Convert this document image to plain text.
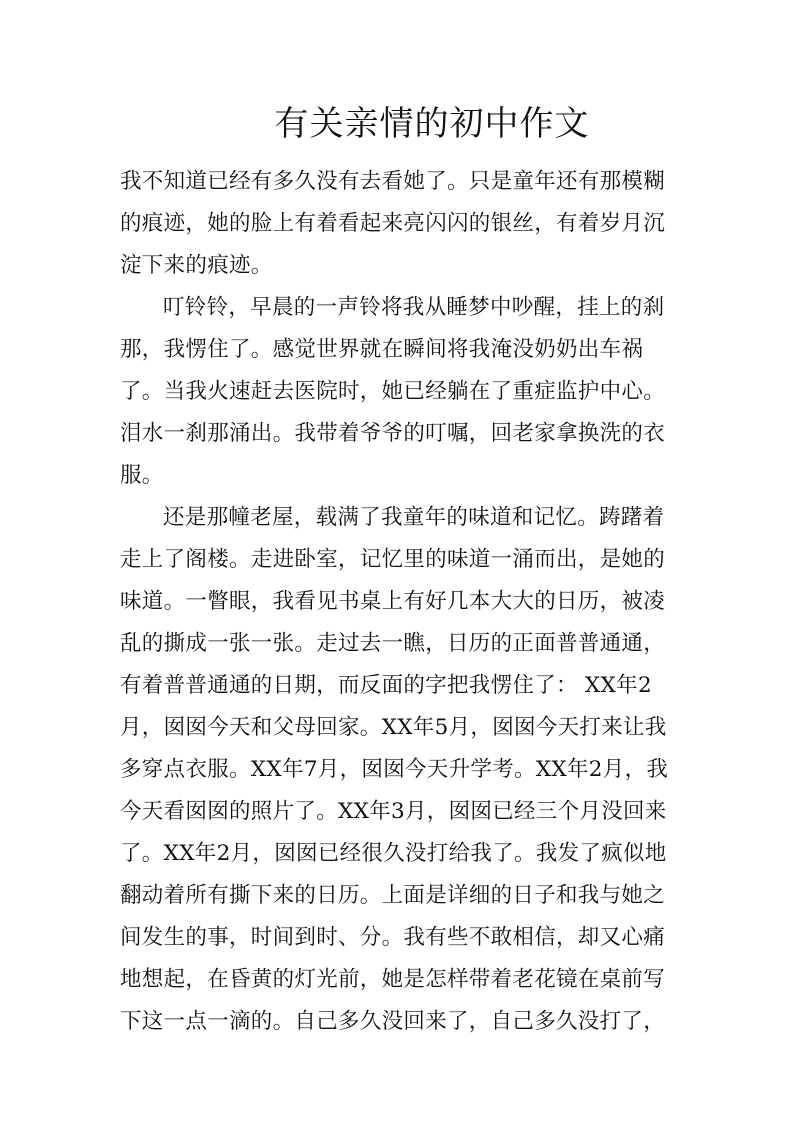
有关亲情的初中作文
我不知道已经有多久没有去看她了。只是童年还有那模糊
的痕迹，她的脸上有着看起来亮闪闪的银丝，有着岁月沉
淀下来的痕迹。
叮铃铃，早晨的一声铃将我从睡梦中吵醒，挂上的刹
那，我愣住了。感觉世界就在瞬间将我淹没奶奶出车祸
了。当我火速赶去医院时，她已经躺在了重症监护中心。
泪水一刹那涌出。我带着爷爷的叮嘱，回老家拿换洗的衣
服。
还是那幢老屋，载满了我童年的味道和记忆。踌躇着
走上了阁楼。走进卧室，记忆里的味道一涌而出，是她的
味道。一瞥眼，我看见书桌上有好几本大大的日历，被凌
乱的撕成一张一张。走过去一瞧，日历的正面普普通通，
有着普普通通的日期，而反面的字把我愣住了： XX年2
月，囡囡今天和父母回家。XX年5月，囡囡今天打来让我
多穿点衣服。XX年7月，囡囡今天升学考。XX年2月，我
今天看囡囡的照片了。XX年3月，囡囡已经三个月没回来
了。XX年2月，囡囡已经很久没打给我了。我发了疯似地
翻动着所有撕下来的日历。上面是详细的日子和我与她之
间发生的事，时间到时、分。我有些不敢相信，却又心痛
地想起，在昏黄的灯光前，她是怎样带着老花镜在桌前写
下这一点一滴的。自己多久没回来了，自己多久没打了，
